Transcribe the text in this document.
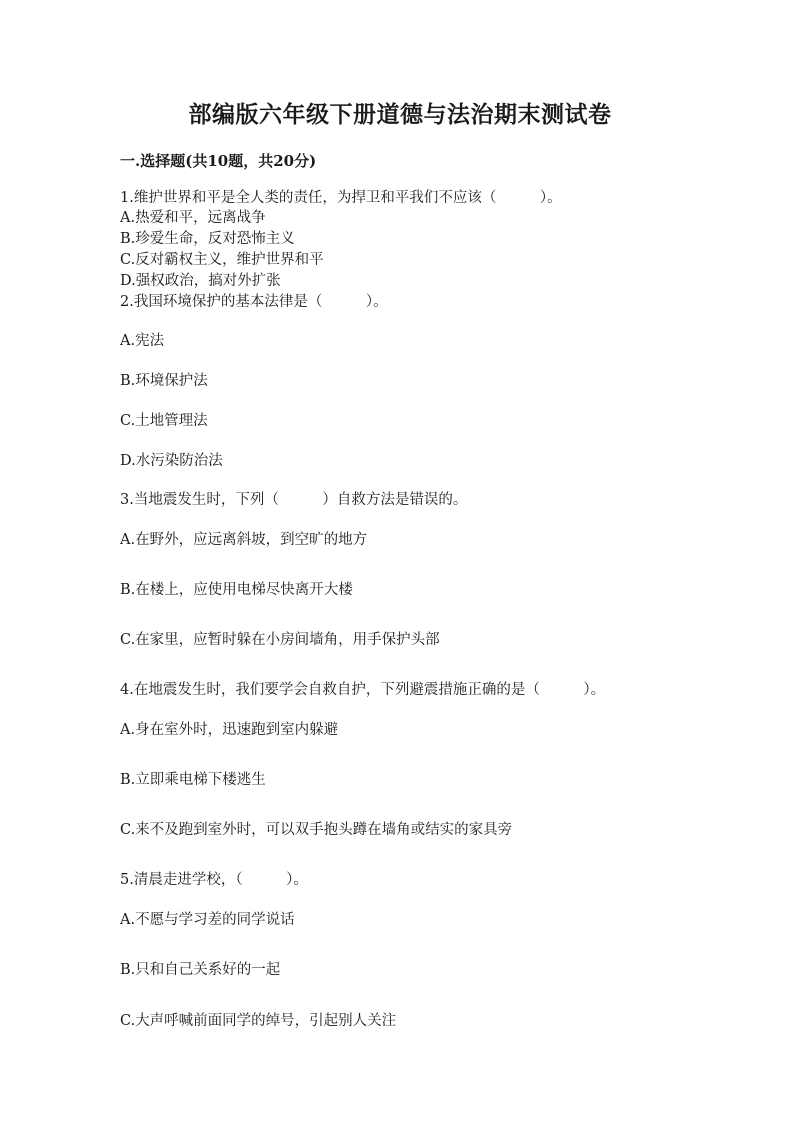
部编版六年级下册道德与法治期末测试卷
一.选择题(共10题，共20分)
1.维护世界和平是全人类的责任，为捍卫和平我们不应该（　　　）。
A.热爱和平，远离战争
B.珍爱生命，反对恐怖主义
C.反对霸权主义，维护世界和平
D.强权政治，搞对外扩张
2.我国环境保护的基本法律是（　　　）。
A.宪法
B.环境保护法
C.土地管理法
D.水污染防治法
3.当地震发生时，下列（　　　）自救方法是错误的。
A.在野外，应远离斜坡，到空旷的地方
B.在楼上，应使用电梯尽快离开大楼
C.在家里，应暂时躲在小房间墙角，用手保护头部
4.在地震发生时，我们要学会自救自护，下列避震措施正确的是（　　　）。
A.身在室外时，迅速跑到室内躲避
B.立即乘电梯下楼逃生
C.来不及跑到室外时，可以双手抱头蹲在墙角或结实的家具旁
5.清晨走进学校，（　　　）。
A.不愿与学习差的同学说话
B.只和自己关系好的一起
C.大声呼喊前面同学的绰号，引起别人关注
